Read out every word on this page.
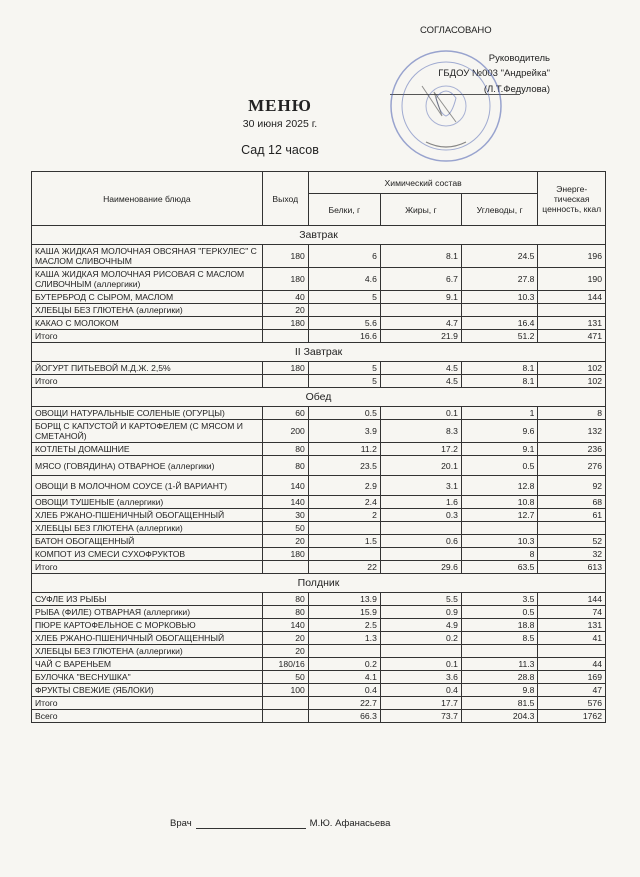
СОГЛАСОВАНО
Руководитель
ГБДОУ №003 "Андрейка"
(Л.Т.Федулова)
МЕНЮ
30 июня 2025 г.
Сад 12 часов
Наименование блюда	Выход	Химический состав			Энерге-тическая ценность, ккал
		Белки, г	Жиры, г	Углеводы, г	
Завтрак					
КАША ЖИДКАЯ МОЛОЧНАЯ ОВСЯНАЯ "ГЕРКУЛЕС" С МАСЛОМ СЛИВОЧНЫМ	180	6	8.1	24.5	196
КАША ЖИДКАЯ МОЛОЧНАЯ РИСОВАЯ С МАСЛОМ СЛИВОЧНЫМ (аллергики)	180	4.6	6.7	27.8	190
БУТЕРБРОД С СЫРОМ, МАСЛОМ	40	5	9.1	10.3	144
ХЛЕБЦЫ БЕЗ ГЛЮТЕНА (аллергики)	20				
КАКАО С МОЛОКОМ	180	5.6	4.7	16.4	131
Итого		16.6	21.9	51.2	471
II Завтрак					
ЙОГУРТ ПИТЬЕВОЙ М.Д.Ж. 2,5%	180	5	4.5	8.1	102
Итого		5	4.5	8.1	102
Обед					
ОВОЩИ НАТУРАЛЬНЫЕ СОЛЕНЫЕ (ОГУРЦЫ)	60	0.5	0.1	1	8
БОРЩ С КАПУСТОЙ И КАРТОФЕЛЕМ (С МЯСОМ И СМЕТАНОЙ)	200	3.9	8.3	9.6	132
КОТЛЕТЫ ДОМАШНИЕ	80	11.2	17.2	9.1	236
МЯСО (ГОВЯДИНА) ОТВАРНОЕ (аллергики)	80	23.5	20.1	0.5	276
ОВОЩИ В МОЛОЧНОМ СОУСЕ (1-Й ВАРИАНТ)	140	2.9	3.1	12.8	92
ОВОЩИ ТУШЕНЫЕ (аллергики)	140	2.4	1.6	10.8	68
ХЛЕБ РЖАНО-ПШЕНИЧНЫЙ ОБОГАЩЕННЫЙ	30	2	0.3	12.7	61
ХЛЕБЦЫ БЕЗ ГЛЮТЕНА (аллергики)	50				
БАТОН ОБОГАЩЕННЫЙ	20	1.5	0.6	10.3	52
КОМПОТ ИЗ СМЕСИ СУХОФРУКТОВ	180			8	32
Итого		22	29.6	63.5	613
Полдник					
СУФЛЕ ИЗ РЫБЫ	80	13.9	5.5	3.5	144
РЫБА (ФИЛЕ) ОТВАРНАЯ (аллергики)	80	15.9	0.9	0.5	74
ПЮРЕ КАРТОФЕЛЬНОЕ С МОРКОВЬЮ	140	2.5	4.9	18.8	131
ХЛЕБ РЖАНО-ПШЕНИЧНЫЙ ОБОГАЩЕННЫЙ	20	1.3	0.2	8.5	41
ХЛЕБЦЫ БЕЗ ГЛЮТЕНА (аллергики)	20				
ЧАЙ С ВАРЕНЬЕМ	180/16	0.2	0.1	11.3	44
БУЛОЧКА "ВЕСНУШКА"	50	4.1	3.6	28.8	169
ФРУКТЫ СВЕЖИЕ (ЯБЛОКИ)	100	0.4	0.4	9.8	47
Итого		22.7	17.7	81.5	576
Всего		66.3	73.7	204.3	1762
Врач	М.Ю. Афанасьева
